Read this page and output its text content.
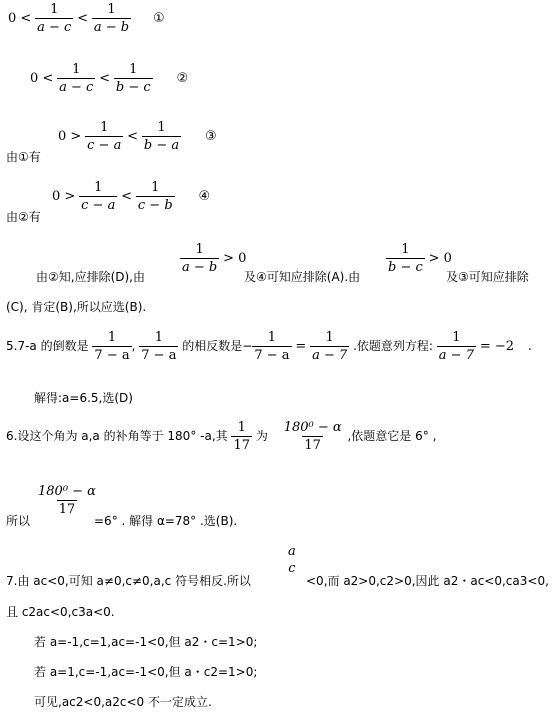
$0 < \frac{1}{a - c} < \frac{1}{a - b}$ ①
$0 < \frac{1}{a - c} < \frac{1}{b - c}$ ②
由①有
$0 > \frac{1}{c - a} < \frac{1}{b - a}$ ③
由②有
$0 > \frac{1}{c - a} < \frac{1}{c - b}$ ④
由②知,应排除(D),由
$\frac{1}{a - b} > 0$
及④可知应排除(A).由
$\frac{1}{b - c} > 0$
及③可知应排除
(C), 肯定(B),所以应选(B).
5.7-a 的倒数是 $\frac{1}{7 - a}$ , $\frac{1}{7 - a}$ 的相反数是− $\frac{1}{7 - a} = \frac{1}{a - 7}$ .依题意列方程: $\frac{1}{a - 7} = -2$ .
解得:a=6.5,选(D)
6.设这个角为 a,a 的补角等于 180° -a,其 $\frac{1}{17}$ 为 $\frac{\text{180⁰ − α}}{17}$ ,依题意它是 6° ,
所以
$\frac{\text{180⁰ − α}}{17}$
=6° . 解得 α=78° .选(B).
7.由 ac<0,可知 a≠0,c≠0,a,c 符号相反.所以
a
c
<0,而 a2>0,c2>0,因此 a2・ac<0,ca3<0,
且 c2ac<0,c3a<0.
若 a=-1,c=1,ac=-1<0,但 a2・c=1>0;
若 a=1,c=-1,ac=-1<0,但 a・c2=1>0;
可见,ac2<0,a2c<0 不一定成立.
